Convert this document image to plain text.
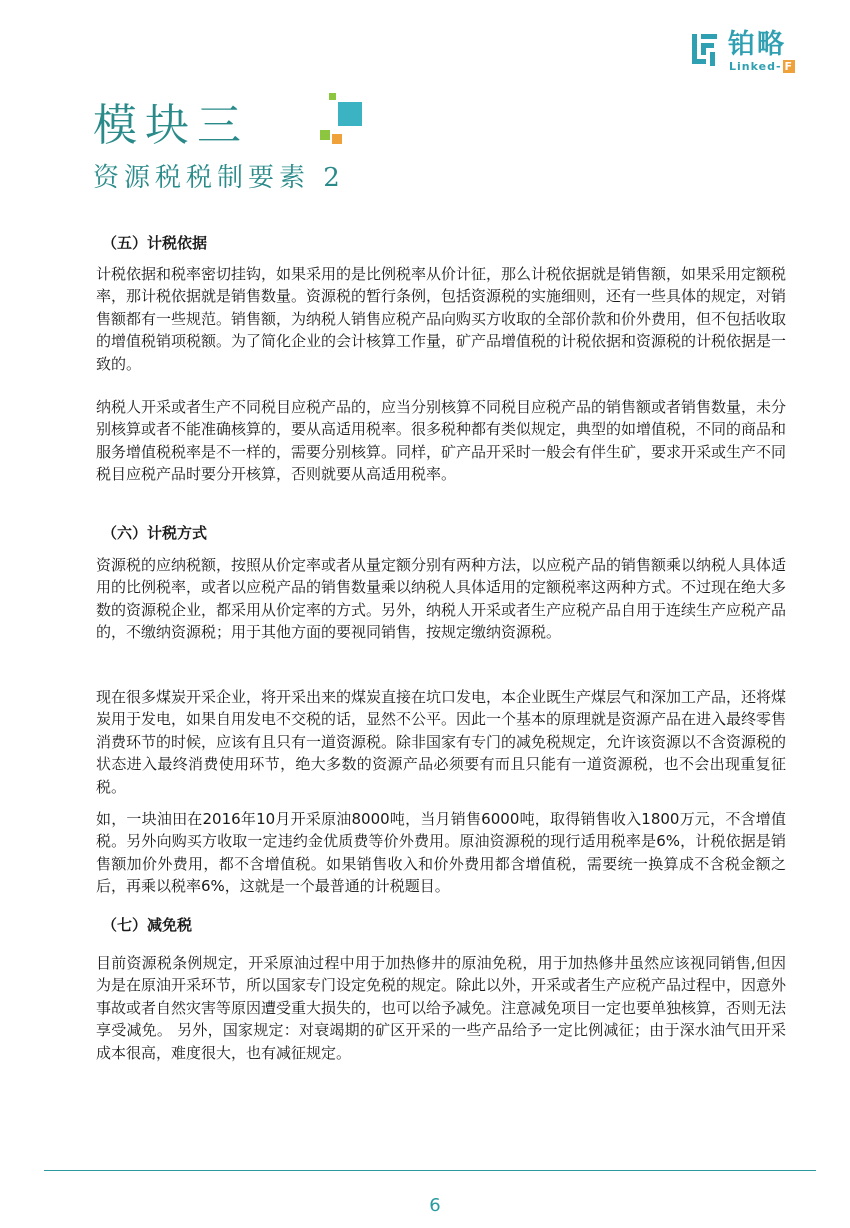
铂略
Linked- F
模块三
资源税税制要素 2
（五）计税依据

计税依据和税率密切挂钩，如果采用的是比例税率从价计征，那么计税依据就是销售额，如果采用定额税率，那计税依据就是销售数量。资源税的暂行条例，包括资源税的实施细则，还有一些具体的规定，对销售额都有一些规范。销售额，为纳税人销售应税产品向购买方收取的全部价款和价外费用，但不包括收取的增值税销项税额。为了简化企业的会计核算工作量，矿产品增值税的计税依据和资源税的计税依据是一致的。

纳税人开采或者生产不同税目应税产品的，应当分别核算不同税目应税产品的销售额或者销售数量，未分别核算或者不能准确核算的，要从高适用税率。很多税种都有类似规定，典型的如增值税，不同的商品和服务增值税税率是不一样的，需要分别核算。同样，矿产品开采时一般会有伴生矿，要求开采或生产不同税目应税产品时要分开核算，否则就要从高适用税率。

（六）计税方式

资源税的应纳税额，按照从价定率或者从量定额分别有两种方法，以应税产品的销售额乘以纳税人具体适用的比例税率，或者以应税产品的销售数量乘以纳税人具体适用的定额税率这两种方式。不过现在绝大多数的资源税企业，都采用从价定率的方式。另外，纳税人开采或者生产应税产品自用于连续生产应税产品的，不缴纳资源税；用于其他方面的要视同销售，按规定缴纳资源税。

现在很多煤炭开采企业，将开采出来的煤炭直接在坑口发电，本企业既生产煤层气和深加工产品，还将煤炭用于发电，如果自用发电不交税的话，显然不公平。因此一个基本的原理就是资源产品在进入最终零售消费环节的时候，应该有且只有一道资源税。除非国家有专门的减免税规定，允许该资源以不含资源税的状态进入最终消费使用环节，绝大多数的资源产品必须要有而且只能有一道资源税，也不会出现重复征税。

如，一块油田在2016年10月开采原油8000吨，当月销售6000吨，取得销售收入1800万元，不含增值税。另外向购买方收取一定违约金优质费等价外费用。原油资源税的现行适用税率是6%，计税依据是销售额加价外费用，都不含增值税。如果销售收入和价外费用都含增值税，需要统一换算成不含税金额之后，再乘以税率6%，这就是一个最普通的计税题目。

（七）减免税

目前资源税条例规定，开采原油过程中用于加热修井的原油免税，用于加热修井虽然应该视同销售,但因为是在原油开采环节，所以国家专门设定免税的规定。除此以外，开采或者生产应税产品过程中，因意外事故或者自然灾害等原因遭受重大损失的，也可以给予减免。注意减免项目一定也要单独核算，否则无法享受减免。 另外，国家规定：对衰竭期的矿区开采的一些产品给予一定比例减征；由于深水油气田开采成本很高，难度很大，也有减征规定。

6
